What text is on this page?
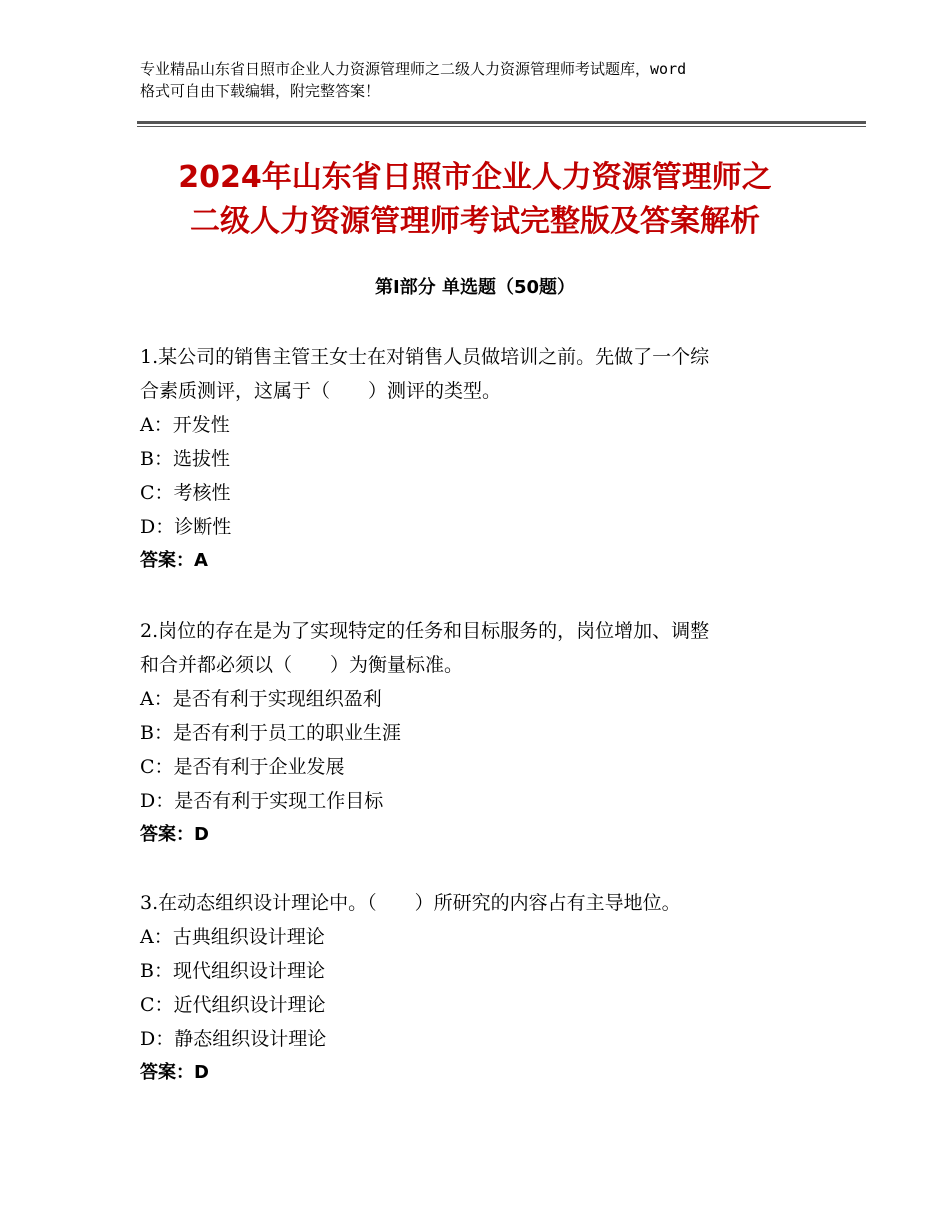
专业精品山东省日照市企业人力资源管理师之二级人力资源管理师考试题库，word
格式可自由下载编辑，附完整答案！
2024年山东省日照市企业人力资源管理师之
二级人力资源管理师考试完整版及答案解析
第Ⅰ部分 单选题（50题）
1.某公司的销售主管王女士在对销售人员做培训之前。先做了一个综
合素质测评，这属于（　　）测评的类型。
A：开发性
B：选拔性
C：考核性
D：诊断性
答案：A
2.岗位的存在是为了实现特定的任务和目标服务的，岗位增加、调整
和合并都必须以（　　）为衡量标准。
A：是否有利于实现组织盈利
B：是否有利于员工的职业生涯
C：是否有利于企业发展
D：是否有利于实现工作目标
答案：D
3.在动态组织设计理论中。（　　）所研究的内容占有主导地位。
A：古典组织设计理论
B：现代组织设计理论
C：近代组织设计理论
D：静态组织设计理论
答案：D
